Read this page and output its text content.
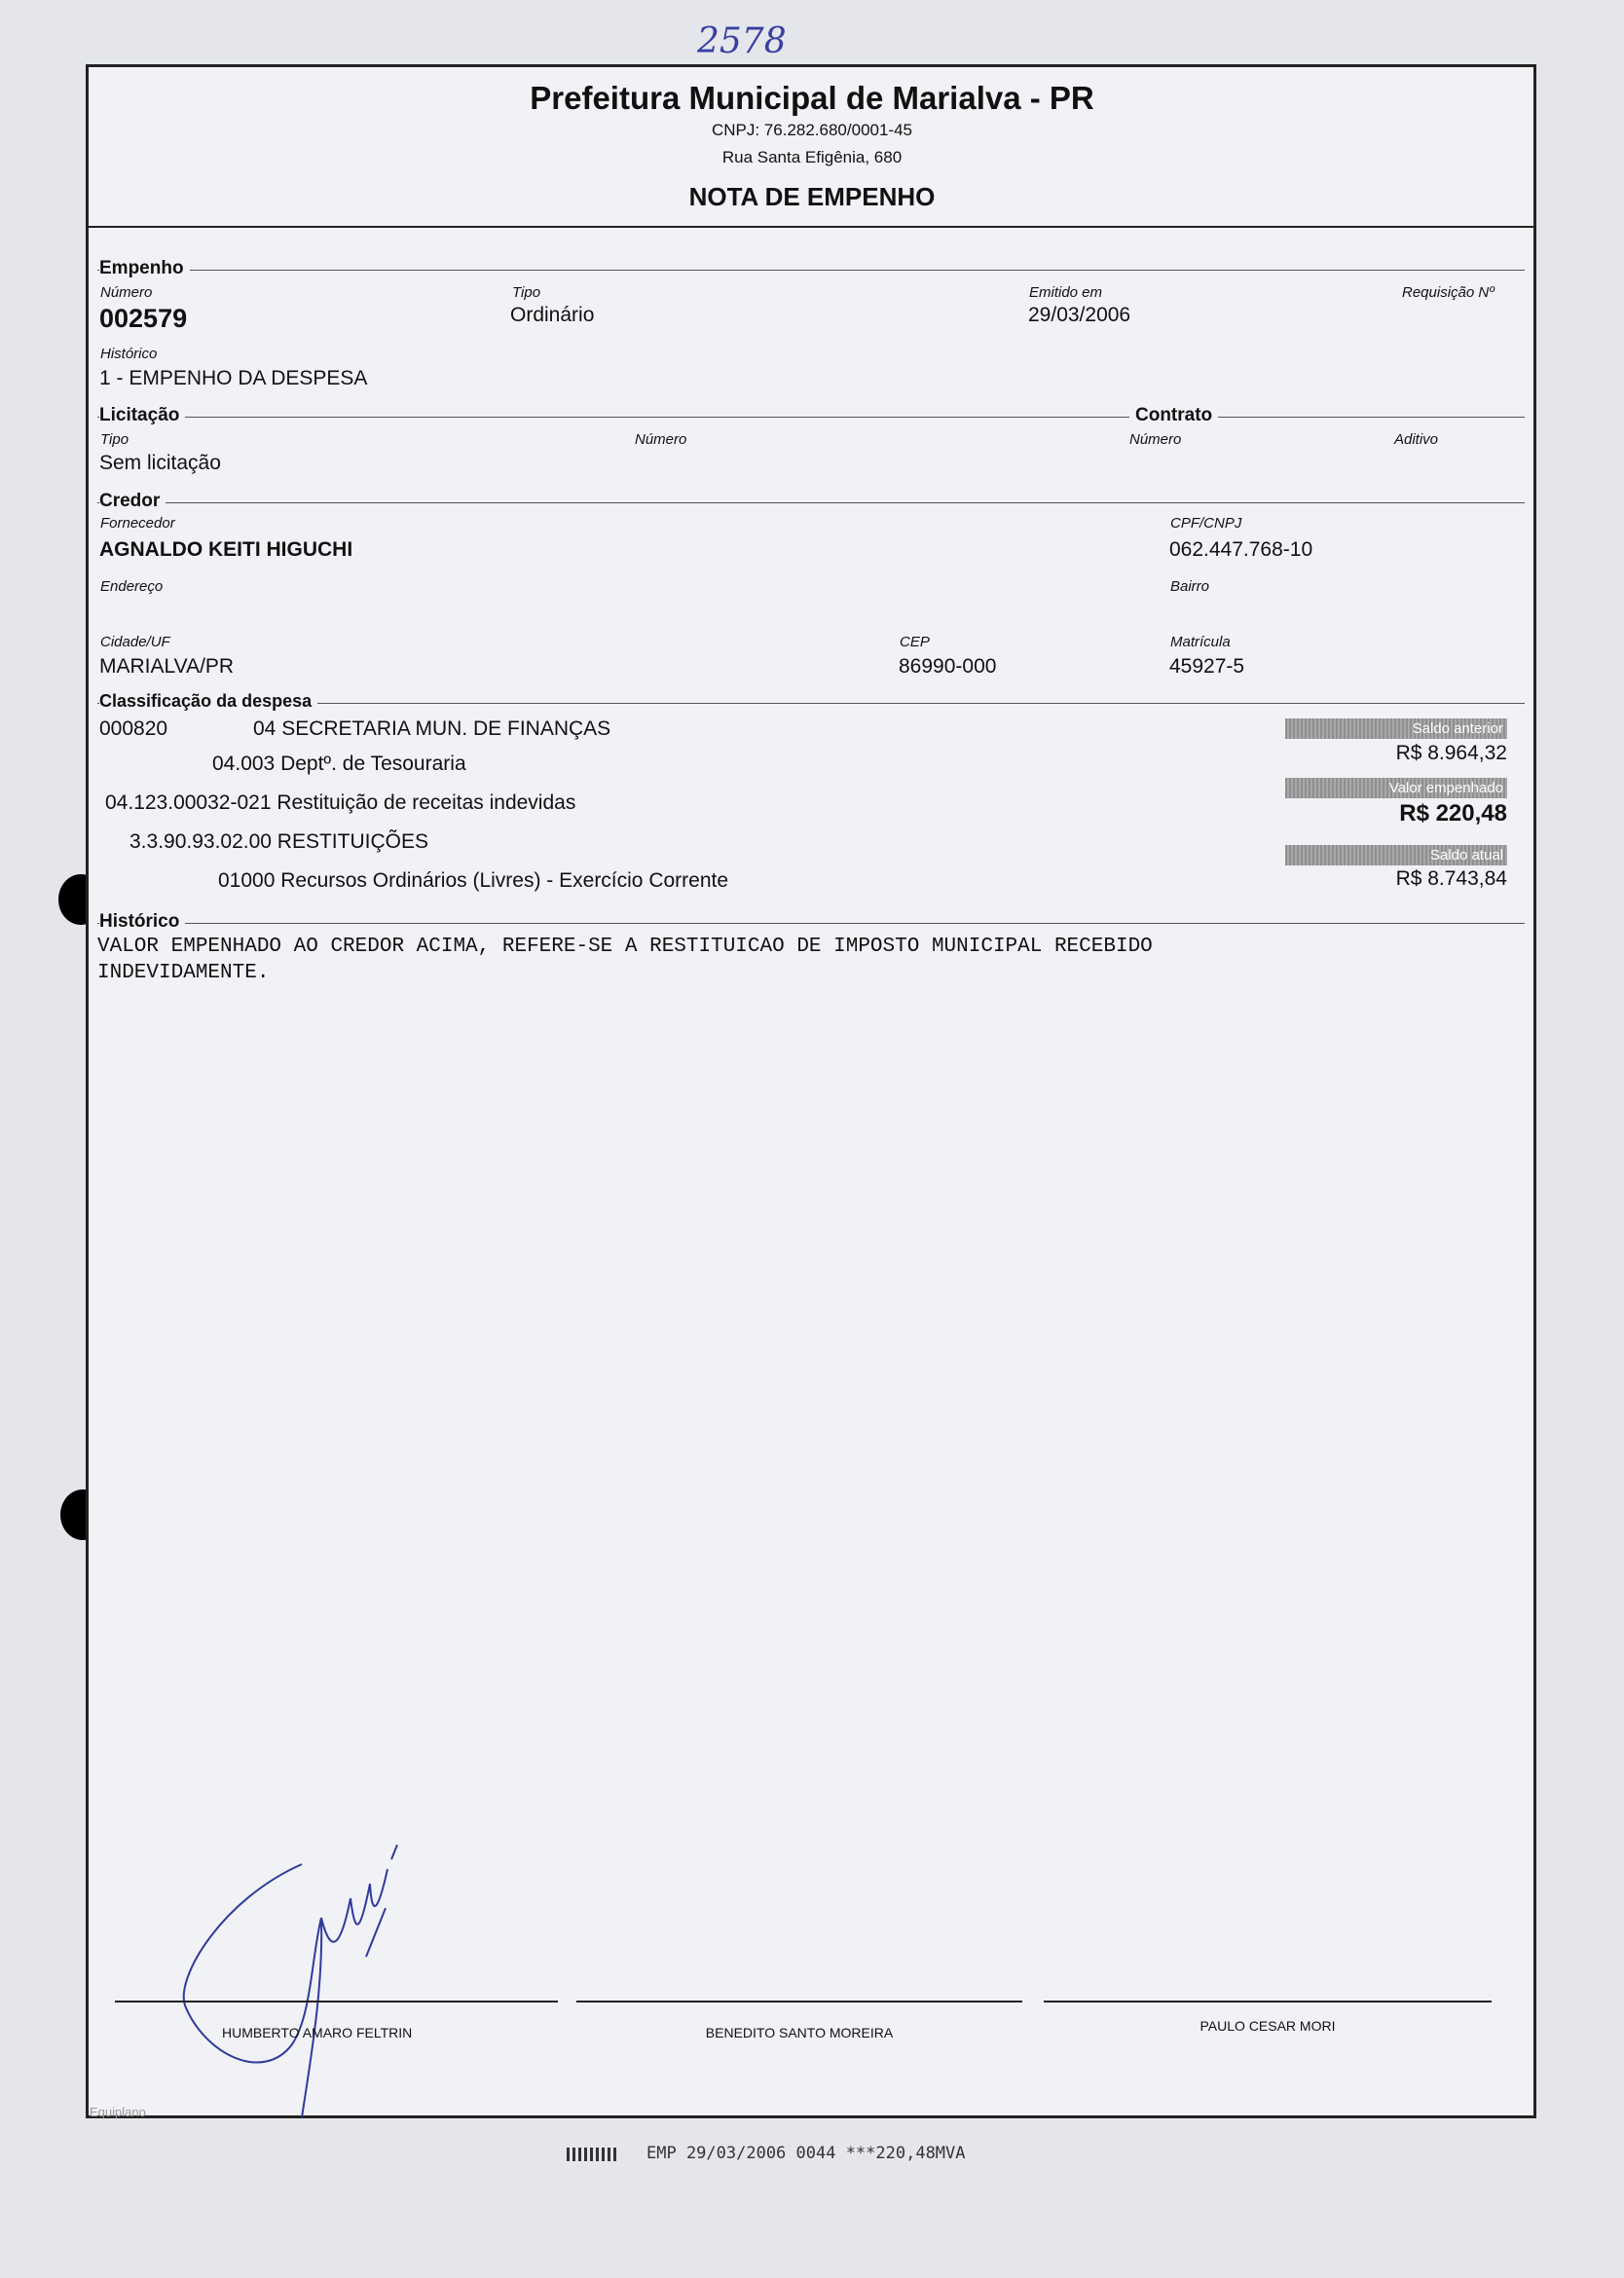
2578
Prefeitura Municipal de Marialva - PR
CNPJ: 76.282.680/0001-45
Rua Santa Efigênia, 680
NOTA DE EMPENHO
Empenho
Número
002579
Tipo
Ordinário
Emitido em
29/03/2006
Requisição Nº
Histórico
1 - EMPENHO DA DESPESA
Licitação	Contrato
Tipo
Sem licitação
Número	Número	Aditivo
Credor
Fornecedor
AGNALDO KEITI HIGUCHI
CPF/CNPJ
062.447.768-10
Endereço	Bairro
Cidade/UF
MARIALVA/PR
CEP
86990-000
Matrícula
45927-5
Classificação da despesa
000820	04 SECRETARIA MUN. DE FINANÇAS
04.003 Deptº. de Tesouraria
04.123.00032-021 Restituição de receitas indevidas
3.3.90.93.02.00 RESTITUIÇÕES
01000 Recursos Ordinários (Livres) - Exercício Corrente
Saldo anterior
R$ 8.964,32
Valor empenhado
R$ 220,48
Saldo atual
R$ 8.743,84
Histórico
VALOR EMPENHADO AO CREDOR ACIMA, REFERE-SE A RESTITUICAO DE IMPOSTO MUNICIPAL RECEBIDO
INDEVIDAMENTE.
HUMBERTO AMARO FELTRIN	BENEDITO SANTO MOREIRA	PAULO CESAR MORI
Equiplano
EMP 29/03/2006 0044 ***220,48MVA
